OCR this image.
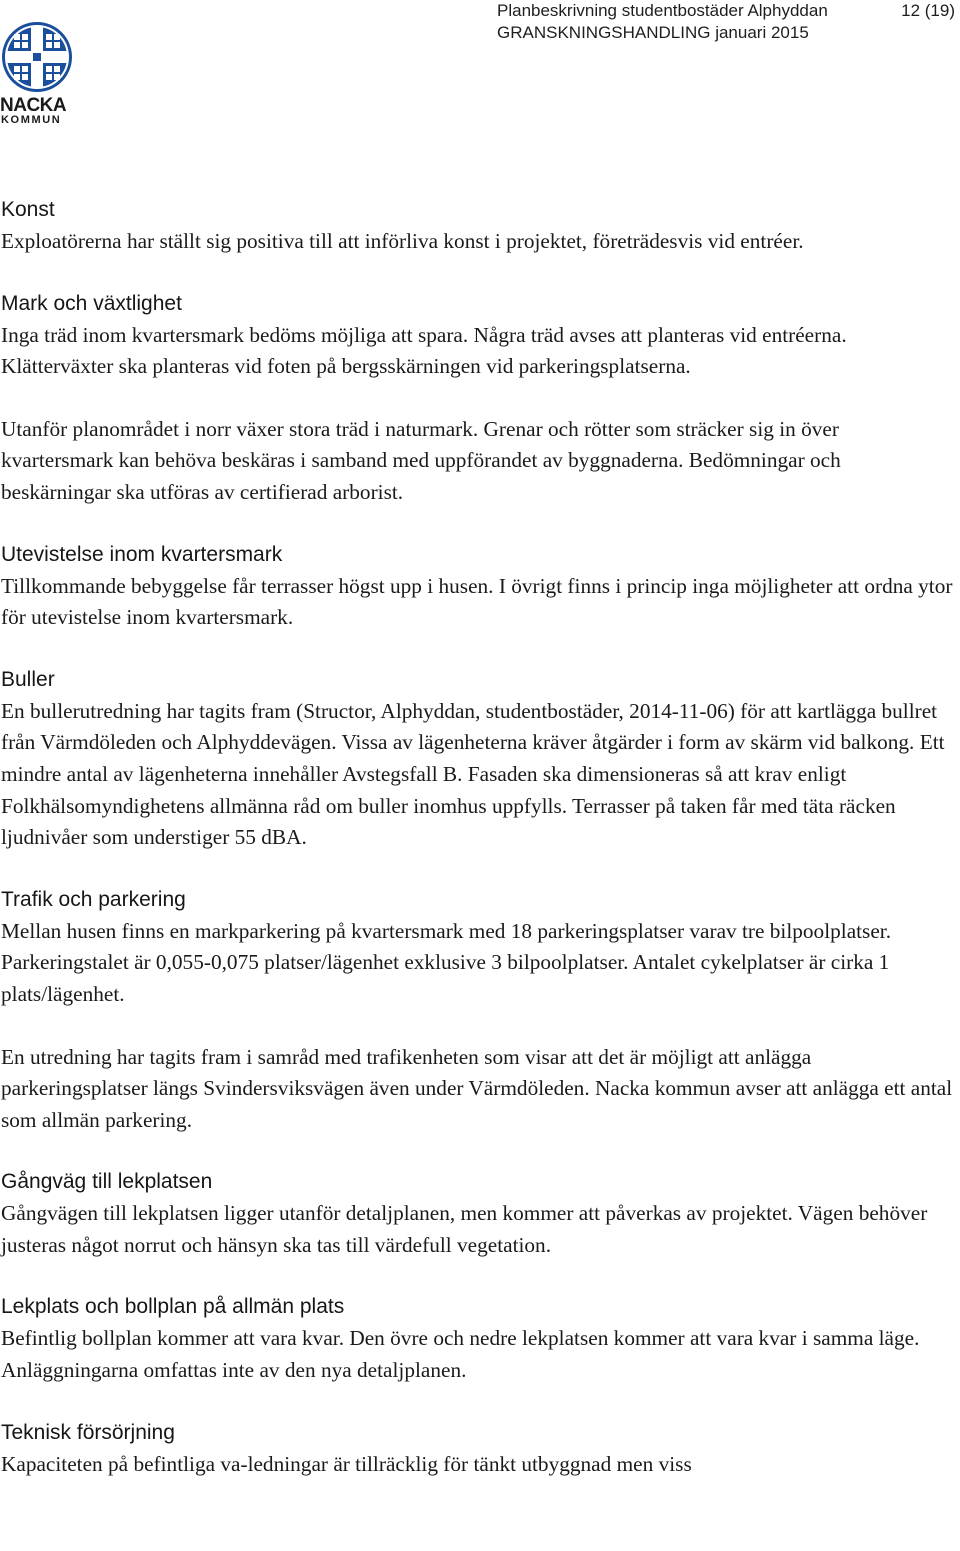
NACKA
KOMMUN
Planbeskrivning studentbostäder Alphyddan	12 (19)
GRANSKNINGSHANDLING januari 2015
Konst

Exploatörerna har ställt sig positiva till att införliva konst i projektet, företrädesvis vid entréer.

Mark och växtlighet

Inga träd inom kvartersmark bedöms möjliga att spara. Några träd avses att planteras vid entréerna. Klätterväxter ska planteras vid foten på bergsskärningen vid parkeringsplatserna.

Utanför planområdet i norr växer stora träd i naturmark. Grenar och rötter som sträcker sig in över kvartersmark kan behöva beskäras i samband med uppförandet av byggnaderna. Bedömningar och beskärningar ska utföras av certifierad arborist.

Utevistelse inom kvartersmark

Tillkommande bebyggelse får terrasser högst upp i husen. I övrigt finns i princip inga möjligheter att ordna ytor för utevistelse inom kvartersmark.

Buller

En bullerutredning har tagits fram (Structor, Alphyddan, studentbostäder, 2014-11-06) för att kartlägga bullret från Värmdöleden och Alphyddevägen. Vissa av lägenheterna kräver åtgärder i form av skärm vid balkong. Ett mindre antal av lägenheterna innehåller Avstegsfall B. Fasaden ska dimensioneras så att krav enligt Folkhälsomyndighetens allmänna råd om buller inomhus uppfylls. Terrasser på taken får med täta räcken ljudnivåer som understiger 55 dBA.

Trafik och parkering

Mellan husen finns en markparkering på kvartersmark med 18 parkeringsplatser varav tre bilpoolplatser. Parkeringstalet är 0,055-0,075 platser/lägenhet exklusive 3 bilpoolplatser. Antalet cykelplatser är cirka 1 plats/lägenhet.

En utredning har tagits fram i samråd med trafikenheten som visar att det är möjligt att anlägga parkeringsplatser längs Svindersviksvägen även under Värmdöleden. Nacka kommun avser att anlägga ett antal som allmän parkering.

Gångväg till lekplatsen

Gångvägen till lekplatsen ligger utanför detaljplanen, men kommer att påverkas av projektet. Vägen behöver justeras något norrut och hänsyn ska tas till värdefull vegetation.

Lekplats och bollplan på allmän plats

Befintlig bollplan kommer att vara kvar. Den övre och nedre lekplatsen kommer att vara kvar i samma läge. Anläggningarna omfattas inte av den nya detaljplanen.

Teknisk försörjning

Kapaciteten på befintliga va-ledningar är tillräcklig för tänkt utbyggnad men viss
